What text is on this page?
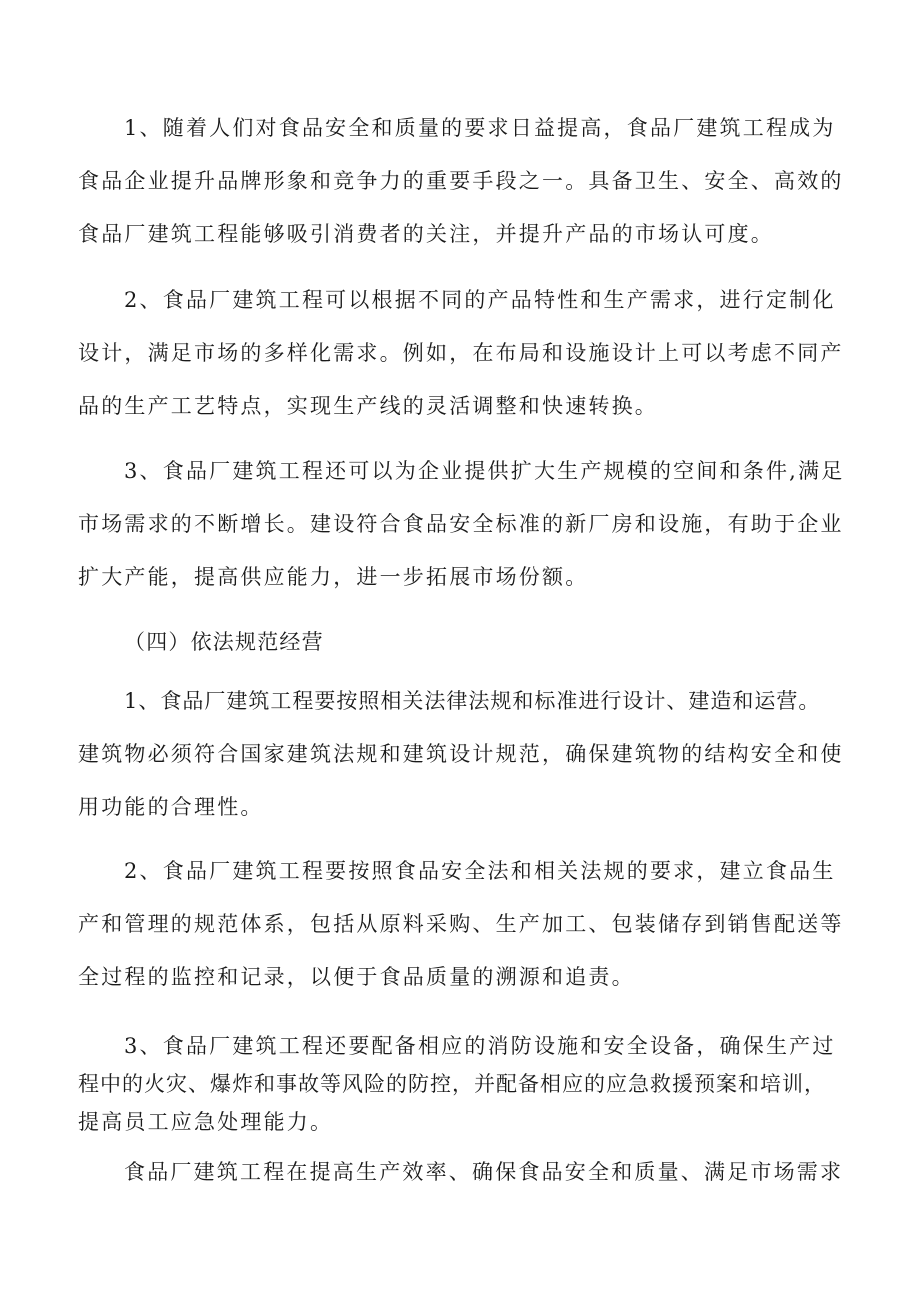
1、随着人们对食品安全和质量的要求日益提高，食品厂建筑工程成为

食品企业提升品牌形象和竞争力的重要手段之一。具备卫生、安全、高效的

食品厂建筑工程能够吸引消费者的关注，并提升产品的市场认可度。

2、食品厂建筑工程可以根据不同的产品特性和生产需求，进行定制化

设计，满足市场的多样化需求。例如，在布局和设施设计上可以考虑不同产

品的生产工艺特点，实现生产线的灵活调整和快速转换。

3、食品厂建筑工程还可以为企业提供扩大生产规模的空间和条件,满足

市场需求的不断增长。建设符合食品安全标准的新厂房和设施，有助于企业

扩大产能，提高供应能力，进一步拓展市场份额。

（四）依法规范经营

1、食品厂建筑工程要按照相关法律法规和标准进行设计、建造和运营。

建筑物必须符合国家建筑法规和建筑设计规范，确保建筑物的结构安全和使

用功能的合理性。

2、食品厂建筑工程要按照食品安全法和相关法规的要求，建立食品生

产和管理的规范体系，包括从原料采购、生产加工、包装储存到销售配送等

全过程的监控和记录，以便于食品质量的溯源和追责。

3、食品厂建筑工程还要配备相应的消防设施和安全设备，确保生产过

程中的火灾、爆炸和事故等风险的防控，并配备相应的应急救援预案和培训，

提高员工应急处理能力。

食品厂建筑工程在提高生产效率、确保食品安全和质量、满足市场需求
